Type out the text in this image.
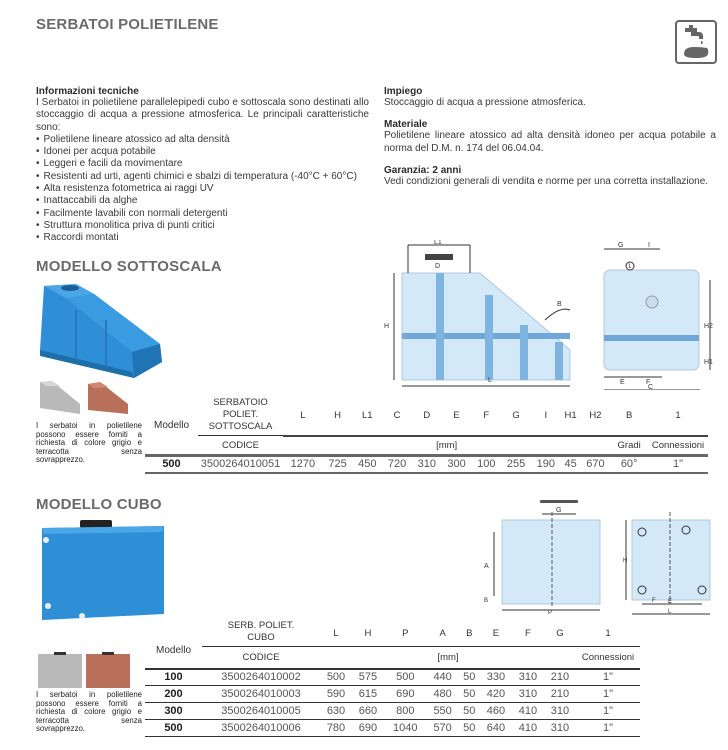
SERBATOI POLIETILENE
Informazioni tecniche
I Serbatoi in polietilene parallelepipedi cubo e sottoscala sono destinati allo stoccaggio di acqua a pressione atmosferica. Le principali caratteristiche sono:
• Polietilene lineare atossico ad alta densità
• Idonei per acqua potabile
• Leggeri e facili da movimentare
• Resistenti ad urti, agenti chimici e sbalzi di temperatura (-40°C + 60°C)
• Alta resistenza fotometrica ai raggi UV
• Inattaccabili da alghe
• Facilmente lavabili con normali detergenti
• Struttura monolitica priva di punti critici
• Raccordi montati
Impiego
Stoccaggio di acqua a pressione atmosferica.
Materiale
Polietilene lineare atossico ad alta densità idoneo per acqua potabile a norma del D.M. n. 174 del 06.04.04.
Garanzia: 2 anni
Vedi condizioni generali di vendita e norme per una corretta installazione.
MODELLO SOTTOSCALA
I serbatoi in polietilene possono essere forniti a richiesta di colore grigio e terracotta senza sovrapprezzo.
L1
D
H
L
B
G	I
1
H2
H1
E	F
C
Modello	SERBATOIO
POLIET.
SOTTOSCALA	L	H	L1	C	D	E	F	G	I	H1	H2	B	1
	CODICE	[mm]											Gradi	Connessioni
500	3500264010051	1270	725	450	720	310	300	100	255	190	45	670	60°	1"
MODELLO CUBO
I serbatoi in polietilene possono essere forniti a richiesta di colore grigio e terracotta senza sovrapprezzo.
G
A
B
P
H
E
F
L
Modello	SERB. POLIET.
CUBO	L	H	P	A	B	E	F	G	1
	CODICE	[mm]								Connessioni
100	3500264010002	500	575	500	440	50	330	310	210	1"
200	3500264010003	590	615	690	480	50	420	310	210	1"
300	3500264010005	630	660	800	550	50	460	410	310	1"
500	3500264010006	780	690	1040	570	50	640	410	310	1"
